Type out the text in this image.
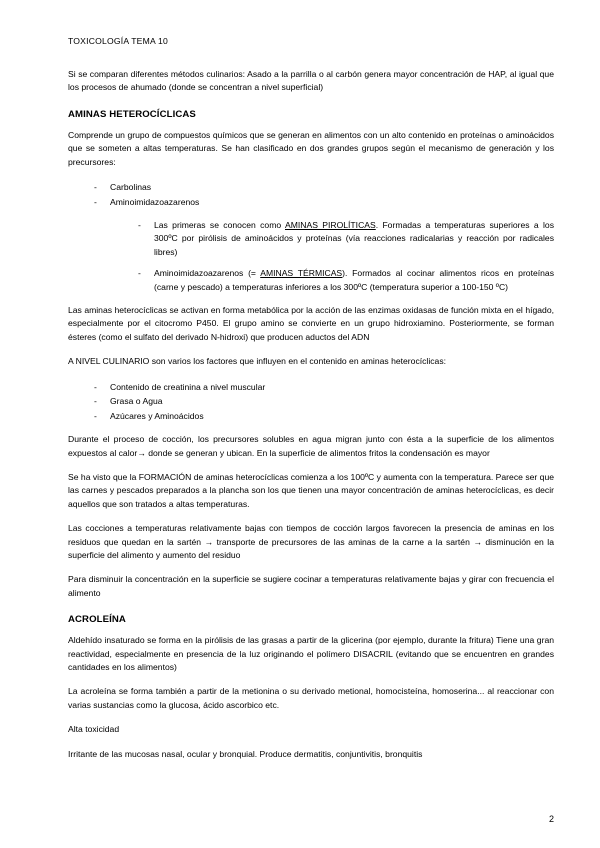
TOXICOLOGÍA TEMA 10

Si se comparan diferentes métodos culinarios: Asado a la parrilla o al carbón genera mayor concentración de HAP, al igual que los procesos de ahumado (donde se concentran a nivel superficial)

AMINAS HETEROCÍCLICAS

Comprende un grupo de compuestos químicos que se generan en alimentos con un alto contenido en proteínas o aminoácidos que se someten a altas temperaturas. Se han clasificado en dos grandes grupos según el mecanismo de generación y los precursores:

- Carbolinas
- Aminoimidazoazarenos
- Las primeras se conocen como AMINAS PIROLÍTICAS. Formadas a temperaturas superiores a los 300ºC por pirólisis de aminoácidos y proteínas (vía reacciones radicalarias y reacción por radicales libres)
- Aminoimidazoazarenos (= AMINAS TÉRMICAS). Formados al cocinar alimentos ricos en proteínas (carne y pescado) a temperaturas inferiores a los 300ºC (temperatura superior a 100-150 ºC)

Las aminas heterocíclicas se activan en forma metabólica por la acción de las enzimas oxidasas de función mixta en el hígado, especialmente por el citocromo P450. El grupo amino se convierte en un grupo hidroxiamino. Posteriormente, se forman ésteres (como el sulfato del derivado N-hidroxi) que producen aductos del ADN

A NIVEL CULINARIO son varios los factores que influyen en el contenido en aminas heterocíclicas:

- Contenido de creatinina a nivel muscular
- Grasa o Agua
- Azúcares y Aminoácidos

Durante el proceso de cocción, los precursores solubles en agua migran junto con ésta a la superficie de los alimentos expuestos al calor→ donde se generan y ubican. En la superficie de alimentos fritos la condensación es mayor

Se ha visto que la FORMACIÓN de aminas heterocíclicas comienza a los 100ºC y aumenta con la temperatura. Parece ser que las carnes y pescados preparados a la plancha son los que tienen una mayor concentración de aminas heterocíclicas, es decir aquellos que son tratados a altas temperaturas.

Las cocciones a temperaturas relativamente bajas con tiempos de cocción largos favorecen la presencia de aminas en los residuos que quedan en la sartén → transporte de precursores de las aminas de la carne a la sartén → disminución en la superficie del alimento y aumento del residuo

Para disminuir la concentración en la superficie se sugiere cocinar a temperaturas relativamente bajas y girar con frecuencia el alimento

ACROLEÍNA

Aldehído insaturado se forma en la pirólisis de las grasas a partir de la glicerina (por ejemplo, durante la fritura) Tiene una gran reactividad, especialmente en presencia de la luz originando el polímero DISACRIL (evitando que se encuentren en grandes cantidades en los alimentos)

La acroleína se forma también a partir de la metionina o su derivado metional, homocisteína, homoserina... al reaccionar con varias sustancias como la glucosa, ácido ascorbico etc.

Alta toxicidad

Irritante de las mucosas nasal, ocular y bronquial. Produce dermatitis, conjuntivitis, bronquitis

2
